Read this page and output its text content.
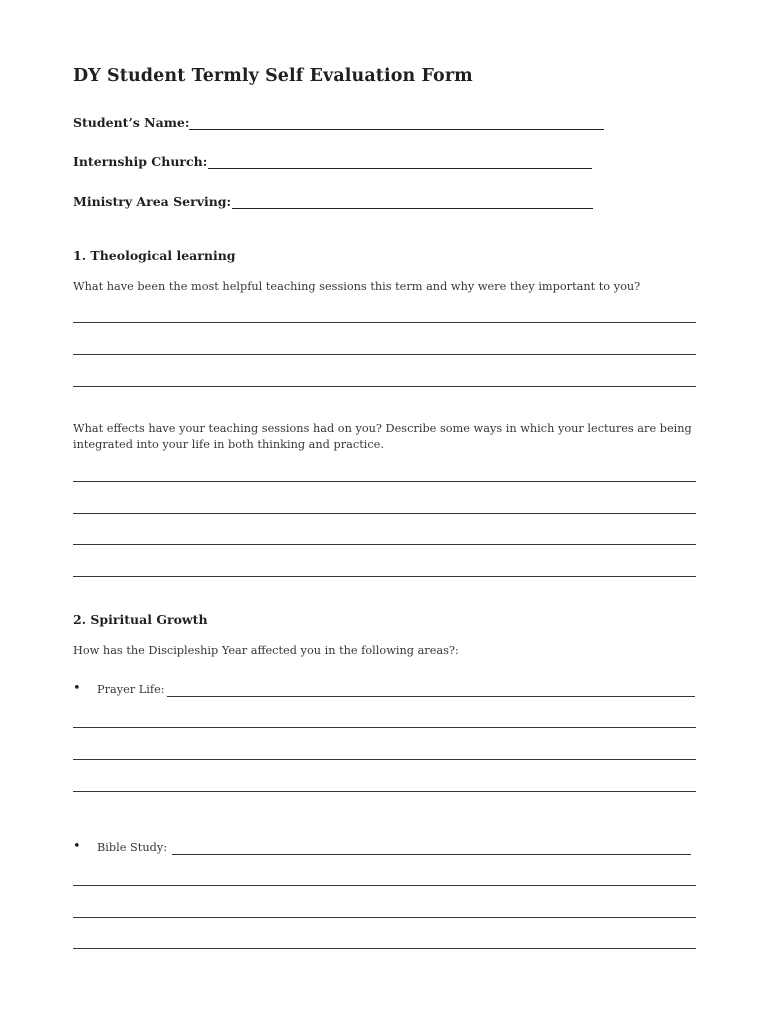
DY Student Termly Self Evaluation Form
Student’s Name:
Internship Church:
Ministry Area Serving:
1. Theological learning
What have been the most helpful teaching sessions this term and why were they important to you?
What effects have your teaching sessions had on you? Describe some ways in which your lectures are being integrated into your life in both thinking and practice.
2. Spiritual Growth
How has the Discipleship Year affected you in the following areas?:
• Prayer Life:
• Bible Study:
